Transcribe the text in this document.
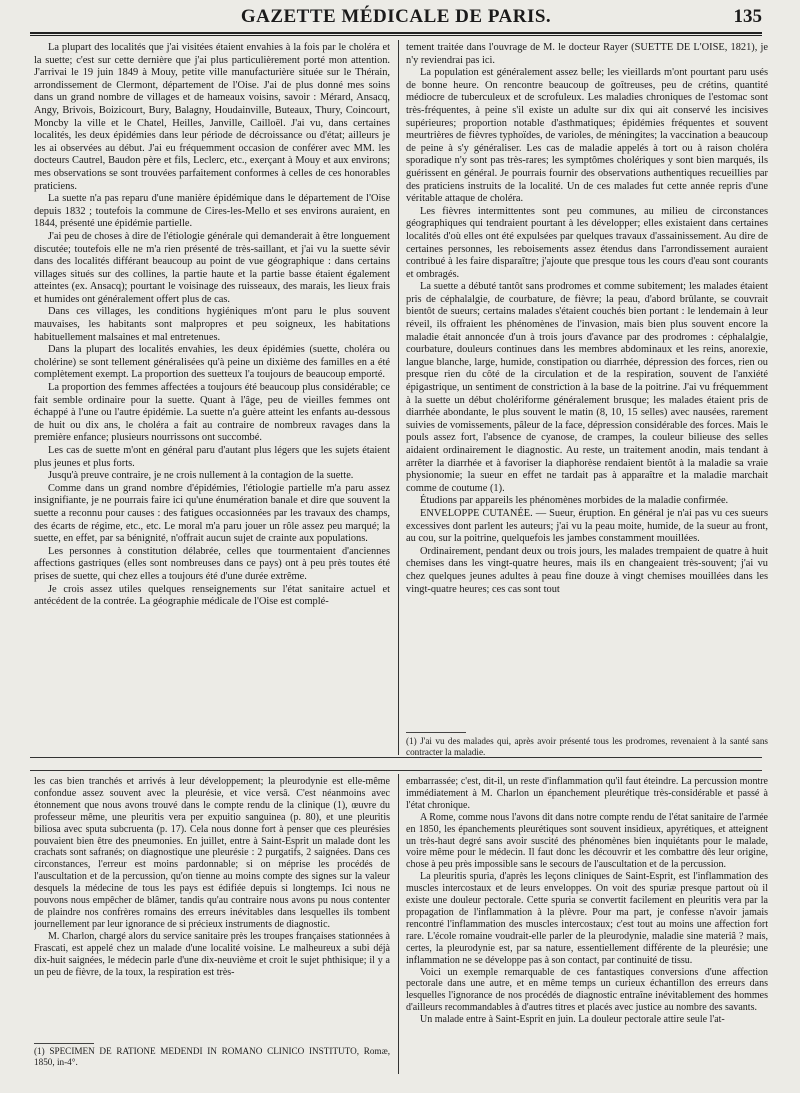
GAZETTE MÉDICALE DE PARIS.	135

La plupart des localités que j'ai visitées étaient envahies à la fois par le choléra et la suette; c'est sur cette dernière que j'ai plus particulièrement porté mon attention. J'arrivai le 19 juin 1849 à Mouy, petite ville manufacturière située sur le Thérain, arrondissement de Clermont, département de l'Oise. J'ai de plus donné mes soins dans un grand nombre de villages et de hameaux voisins, savoir : Mérard, Ansacq, Angy, Brivois, Boizicourt, Bury, Balagny, Houdainville, Buteaux, Thury, Coincourt, Moncby la ville et le Chatel, Heilles, Janville, Cailloël. J'ai vu, dans certaines localités, les deux épidémies dans leur période de décroissance ou d'état; ailleurs je les ai observées au début. J'ai eu fréquemment occasion de conférer avec MM. les docteurs Cautrel, Baudon père et fils, Leclerc, etc., exerçant à Mouy et aux environs; mes observations se sont trouvées parfaitement conformes à celles de ces honorables praticiens.

La suette n'a pas reparu d'une manière épidémique dans le département de l'Oise depuis 1832 ; toutefois la commune de Cires-les-Mello et ses environs auraient, en 1844, présenté une épidémie partielle.

J'ai peu de choses à dire de l'étiologie générale qui demanderait à être longuement discutée; toutefois elle ne m'a rien présenté de très-saillant, et j'ai vu la suette sévir dans des localités différant beaucoup au point de vue géographique : dans certains villages situés sur des collines, la partie haute et la partie basse étaient également atteintes (ex. Ansacq); pourtant le voisinage des ruisseaux, des marais, les lieux frais et humides ont généralement offert plus de cas.

Dans ces villages, les conditions hygiéniques m'ont paru le plus souvent mauvaises, les habitants sont malpropres et peu soigneux, les habitations habituellement malsaines et mal entretenues.

Dans la plupart des localités envahies, les deux épidémies (suette, choléra ou cholérine) se sont tellement généralisées qu'à peine un dixième des familles en a été complètement exempt. La proportion des suetteux l'a toujours de beaucoup emporté.

La proportion des femmes affectées a toujours été beaucoup plus considérable; ce fait semble ordinaire pour la suette. Quant à l'âge, peu de vieilles femmes ont échappé à l'une ou l'autre épidémie. La suette n'a guère atteint les enfants au-dessous de huit ou dix ans, le choléra a fait au contraire de nombreux ravages dans la première enfance; plusieurs nourrissons ont succombé.

Les cas de suette m'ont en général paru d'autant plus légers que les sujets étaient plus jeunes et plus forts.

Jusqu'à preuve contraire, je ne crois nullement à la contagion de la suette.

Comme dans un grand nombre d'épidémies, l'étiologie partielle m'a paru assez insignifiante, je ne pourrais faire ici qu'une énumération banale et dire que souvent la suette a reconnu pour causes : des fatigues occasionnées par les travaux des champs, des écarts de régime, etc., etc. Le moral m'a paru jouer un rôle assez peu marqué; la suette, en effet, par sa bénignité, n'offrait aucun sujet de crainte aux populations.

Les personnes à constitution délabrée, celles que tourmentaient d'anciennes affections gastriques (elles sont nombreuses dans ce pays) ont à peu près toutes été prises de suette, qui chez elles a toujours été d'une durée extrême.

Je crois assez utiles quelques renseignements sur l'état sanitaire actuel et antécédent de la contrée. La géographie médicale de l'Oise est complé-

tement traitée dans l'ouvrage de M. le docteur Rayer (SUETTE DE L'OISE, 1821), je n'y reviendrai pas ici.

La population est généralement assez belle; les vieillards m'ont pourtant paru usés de bonne heure. On rencontre beaucoup de goîtreuses, peu de crétins, quantité médiocre de tuberculeux et de scrofuleux. Les maladies chroniques de l'estomac sont très-fréquentes, à peine s'il existe un adulte sur dix qui ait conservé les incisives supérieures; proportion notable d'asthmatiques; épidémies fréquentes et souvent meurtrières de fièvres typhoïdes, de varioles, de méningites; la vaccination a beaucoup de peine à s'y généraliser. Les cas de maladie appelés à tort ou à raison choléra sporadique n'y sont pas très-rares; les symptômes cholériques y sont bien marqués, ils guérissent en général. Je pourrais fournir des observations authentiques recueillies par des praticiens instruits de la localité. Un de ces malades fut cette année repris d'une véritable attaque de choléra.

Les fièvres intermittentes sont peu communes, au milieu de circonstances géographiques qui tendraient pourtant à les développer; elles existaient dans certaines localités d'où elles ont été expulsées par quelques travaux d'assainissement. Au dire de certaines personnes, les reboisements assez étendus dans l'arrondissement auraient contribué à les faire disparaître; j'ajoute que presque tous les cours d'eau sont courants et ombragés.

La suette a débuté tantôt sans prodromes et comme subitement; les malades étaient pris de céphalalgie, de courbature, de fièvre; la peau, d'abord brûlante, se couvrait bientôt de sueurs; certains malades s'étaient couchés bien portant : le lendemain à leur réveil, ils offraient les phénomènes de l'invasion, mais bien plus souvent encore la maladie était annoncée d'un à trois jours d'avance par des prodromes : céphalalgie, courbature, douleurs continues dans les membres abdominaux et les reins, anorexie, langue blanche, large, humide, constipation ou diarrhée, dépression des forces, rien ou presque rien du côté de la circulation et de la respiration, souvent de l'anxiété épigastrique, un sentiment de constriction à la base de la poitrine. J'ai vu fréquemment à la suette un début cholériforme généralement brusque; les malades étaient pris de diarrhée abondante, le plus souvent le matin (8, 10, 15 selles) avec nausées, rarement suivies de vomissements, pâleur de la face, dépression considérable des forces. Mais le pouls assez fort, l'absence de cyanose, de crampes, la couleur bilieuse des selles aidaient ordinairement le diagnostic. Au reste, un traitement anodin, mais tendant à arrêter la diarrhée et à favoriser la diaphorèse rendaient bientôt à la maladie sa vraie physionomie; la sueur en effet ne tardait pas à apparaître et la maladie marchait comme de coutume (1).

Étudions par appareils les phénomènes morbides de la maladie confirmée.

ENVELOPPE CUTANÉE. — Sueur, éruption. En général je n'ai pas vu ces sueurs excessives dont parlent les auteurs; j'ai vu la peau moite, humide, de la sueur au front, au cou, sur la poitrine, quelquefois les jambes constamment mouillées.

Ordinairement, pendant deux ou trois jours, les malades trempaient de quatre à huit chemises dans les vingt-quatre heures, mais ils en changeaient très-souvent; j'ai vu chez quelques jeunes adultes à peau fine douze à vingt chemises mouillées dans les vingt-quatre heures; ces cas sont tout

(1) J'ai vu des malades qui, après avoir présenté tous les prodromes, revenaient à la santé sans contracter la maladie.

les cas bien tranchés et arrivés à leur développement; la pleurodynie est elle-même confondue assez souvent avec la pleurésie, et vice versâ. C'est néanmoins avec étonnement que nous avons trouvé dans le compte rendu de la clinique (1), œuvre du professeur même, une pleuritis vera per expuitio sanguinea (p. 80), et une pleuritis biliosa avec sputa subcruenta (p. 17). Cela nous donne fort à penser que ces pleurésies pouvaient bien être des pneumonies. En juillet, entre à Saint-Esprit un malade dont les crachats sont safranés; on diagnostique une pleurésie : 2 purgatifs, 2 saignées. Dans ces circonstances, l'erreur est moins pardonnable; si on méprise les procédés de l'auscultation et de la percussion, qu'on tienne au moins compte des signes sur la valeur desquels la médecine de tous les pays est édifiée depuis si longtemps. Ici nous ne pouvons nous empêcher de blâmer, tandis qu'au contraire nous avons pu nous contenter de plaindre nos confrères romains des erreurs inévitables dans lesquelles ils tombent journellement par leur ignorance de si précieux instruments de diagnostic.

M. Charlon, chargé alors du service sanitaire près les troupes françaises stationnées à Frascati, est appelé chez un malade d'une localité voisine. Le malheureux a subi déjà dix-huit saignées, le médecin parle d'une dix-neuvième et croit le sujet phthisique; il y a un peu de fièvre, de la toux, la respiration est très-

embarrassée; c'est, dit-il, un reste d'inflammation qu'il faut éteindre. La percussion montre immédiatement à M. Charlon un épanchement pleurétique très-considérable et passé à l'état chronique.

A Rome, comme nous l'avons dit dans notre compte rendu de l'état sanitaire de l'armée en 1850, les épanchements pleurétiques sont souvent insidieux, apyrétiques, et atteignent un très-haut degré sans avoir suscité des phénomènes bien inquiétants pour le malade, voire même pour le médecin. Il faut donc les découvrir et les combattre dès leur origine, chose à peu près impossible sans le secours de l'auscultation et de la percussion.

La pleuritis spuria, d'après les leçons cliniques de Saint-Esprit, est l'inflammation des muscles intercostaux et de leurs enveloppes. On voit des spuriæ presque partout où il existe une douleur pectorale. Cette spuria se convertit facilement en pleuritis vera par la propagation de l'inflammation à la plèvre. Pour ma part, je confesse n'avoir jamais rencontré l'inflammation des muscles intercostaux; c'est tout au moins une affection fort rare. L'école romaine voudrait-elle parler de la pleurodynie, maladie sine materiâ ? mais, certes, la pleurodynie est, par sa nature, essentiellement différente de la pleurésie; une inflammation ne se développe pas à son contact, par continuité de tissu.

Voici un exemple remarquable de ces fantastiques conversions d'une affection pectorale dans une autre, et en même temps un curieux échantillon des erreurs dans lesquelles l'ignorance de nos procédés de diagnostic entraîne inévitablement des hommes d'ailleurs recommandables à d'autres titres et placés avec justice au nombre des savants.

Un malade entre à Saint-Esprit en juin. La douleur pectorale attire seule l'at-

(1) SPECIMEN DE RATIONE MEDENDI IN ROMANO CLINICO INSTITUTO, Romæ, 1850, in-4°.
